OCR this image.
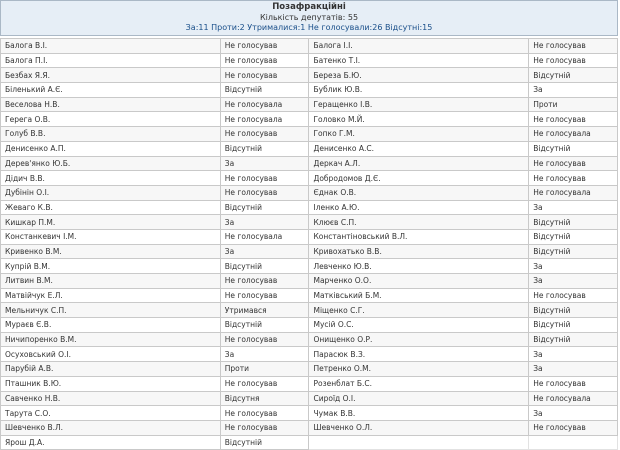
Позафракційні
Кількість депутатів: 55
За:11 Проти:2 Утрималися:1 Не голосували:26 Відсутні:15
Балога В.І.	Не голосував	Балога І.І.	Не голосував
Балога П.І.	Не голосував	Батенко Т.І.	Не голосував
Безбах Я.Я.	Не голосував	Береза Б.Ю.	Відсутній
Біленький А.Є.	Відсутній	Бублик Ю.В.	За
Веселова Н.В.	Не голосувала	Геращенко І.В.	Проти
Герега О.В.	Не голосувала	Головко М.Й.	Не голосував
Голуб В.В.	Не голосував	Гопко Г.М.	Не голосувала
Денисенко А.П.	Відсутній	Денисенко А.С.	Відсутній
Дерев'янко Ю.Б.	За	Деркач А.Л.	Не голосував
Дідич В.В.	Не голосував	Добродомов Д.Є.	Не голосував
Дубінін О.І.	Не голосував	Єднак О.В.	Не голосувала
Жеваго К.В.	Відсутній	Іленко А.Ю.	За
Кишкар П.М.	За	Клюєв С.П.	Відсутній
Констанкевич І.М.	Не голосувала	Константіновський В.Л.	Відсутній
Кривенко В.М.	За	Кривохатько В.В.	Відсутній
Купрій В.М.	Відсутній	Левченко Ю.В.	За
Литвин В.М.	Не голосував	Марченко О.О.	За
Матвійчук Е.Л.	Не голосував	Матківський Б.М.	Не голосував
Мельничук С.П.	Утримався	Міщенко С.Г.	Відсутній
Мураєв Є.В.	Відсутній	Мусій О.С.	Відсутній
Ничипоренко В.М.	Не голосував	Онищенко О.Р.	Відсутній
Осуховський О.І.	За	Парасюк В.З.	За
Парубій А.В.	Проти	Петренко О.М.	За
Пташник В.Ю.	Не голосував	Розенблат Б.С.	Не голосував
Савченко Н.В.	Відсутня	Сироїд О.І.	Не голосувала
Тарута С.О.	Не голосував	Чумак В.В.	За
Шевченко В.Л.	Не голосував	Шевченко О.Л.	Не голосував
Ярош Д.А.	Відсутній		
